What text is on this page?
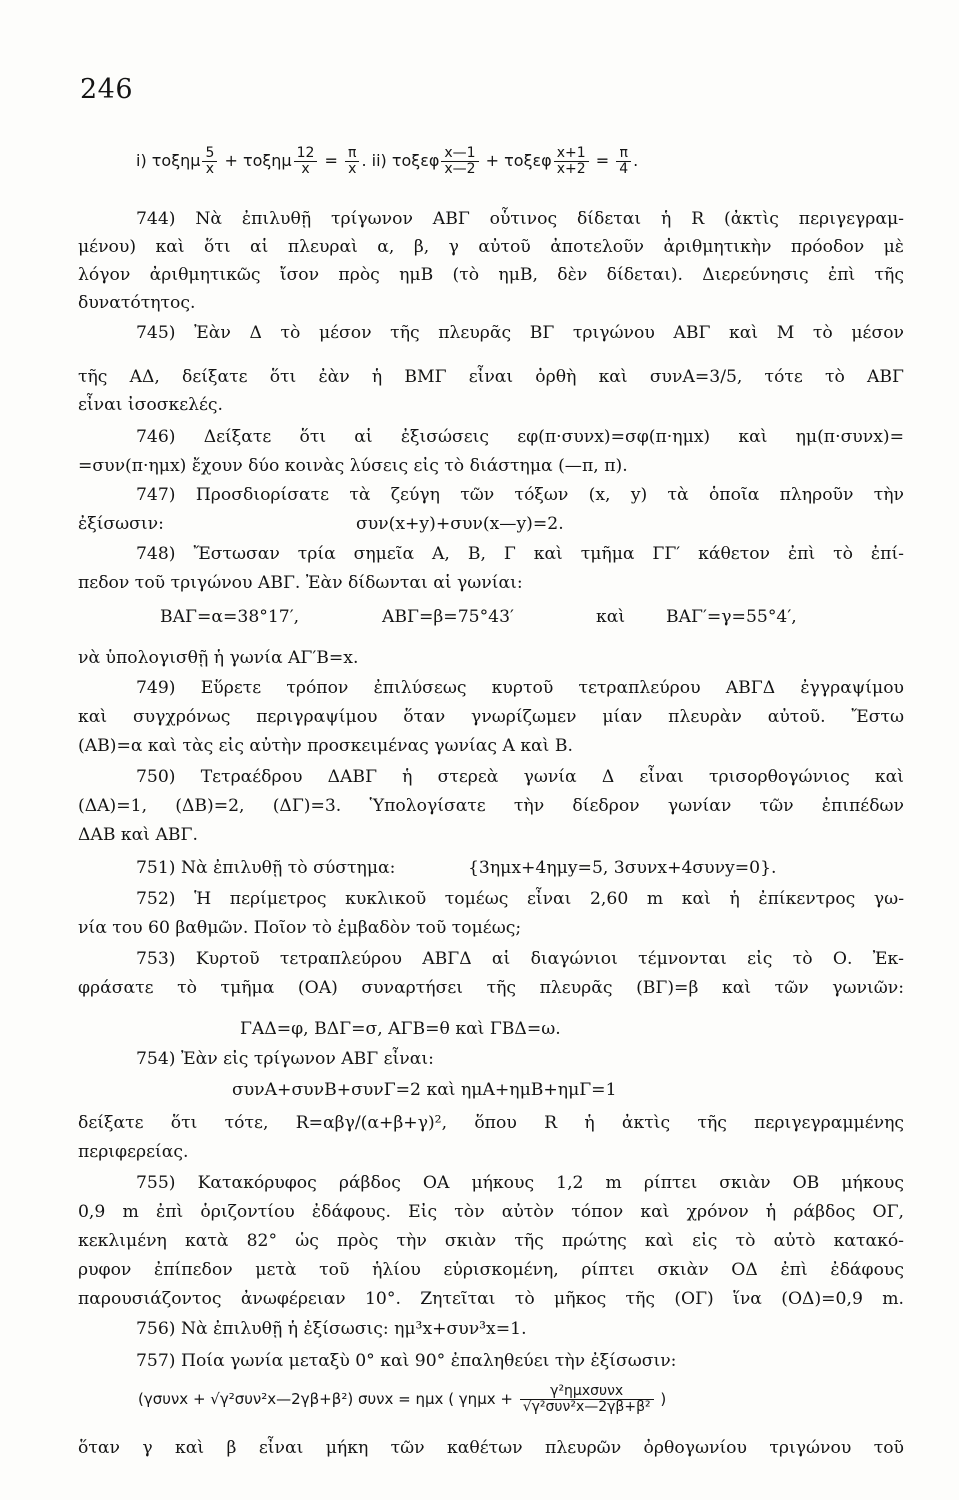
246
i) τοξημ $\frac{5}{x} + \tau o\xi\eta\mu \frac{12}{x} = \frac{\pi}{x}$ . ii) τοξεφ $\frac{x—1}{x—2} + \tau o\xi\varepsilon\varphi \frac{x+1}{x+2} = \frac{\pi}{4}$ .
744) Νὰ ἐπιλυθῇ τρίγωνον ΑΒΓ οὗτινος δίδεται ἡ R (ἀκτὶς περιγεγραμ-
μένου) καὶ ὅτι αἱ πλευραὶ α, β, γ αὐτοῦ ἀποτελοῦν ἀριθμητικὴν πρόοδον μὲ
λόγον ἀριθμητικῶς ἴσον πρὸς ημΒ (τὸ ημΒ, δὲν δίδεται). Διερεύνησις ἐπὶ τῆς
δυνατότητος.
745) Ἐὰν Δ τὸ μέσον τῆς πλευρᾶς ΒΓ τριγώνου ΑΒΓ καὶ Μ τὸ μέσον
τῆς ΑΔ, δείξατε ὅτι ἐὰν ἡ ΒΜΓ εἶναι ὀρθὴ καὶ συνΑ=3/5, τότε τὸ ΑΒΓ
εἶναι ἰσοσκελές.
746) Δείξατε ὅτι αἱ ἐξισώσεις εφ(π·συνx)=σφ(π·ημx) καὶ ημ(π·συνx)=
=συν(π·ημx) ἔχουν δύο κοινὰς λύσεις εἰς τὸ διάστημα (—π, π).
747) Προσδιορίσατε τὰ ζεύγη τῶν τόξων (x, y) τὰ ὁποῖα πληροῦν τὴν
ἐξίσωσιν:	συν(x+y)+συν(x—y)=2.
748) Ἔστωσαν τρία σημεῖα Α, Β, Γ καὶ τμῆμα ΓΓ′ κάθετον ἐπὶ τὸ ἐπί-
πεδον τοῦ τριγώνου ΑΒΓ. Ἐὰν δίδωνται αἱ γωνίαι:
ΒΑΓ=α=38°17′,	ΑΒΓ=β=75°43′	καὶ	ΒΑΓ′=γ=55°4′,
νὰ ὑπολογισθῇ ἡ γωνία ΑΓ′Β=x.
749) Εὕρετε τρόπον ἐπιλύσεως κυρτοῦ τετραπλεύρου ΑΒΓΔ ἐγγραψίμου
καὶ συγχρόνως περιγραψίμου ὅταν γνωρίζωμεν μίαν πλευρὰν αὐτοῦ. Ἔστω
(ΑΒ)=α καὶ τὰς εἰς αὐτὴν προσκειμένας γωνίας Α καὶ Β.
750) Τετραέδρου ΔΑΒΓ ἡ στερεὰ γωνία Δ εἶναι τρισορθογώνιος καὶ
(ΔΑ)=1, (ΔΒ)=2, (ΔΓ)=3. Ὑπολογίσατε τὴν δίεδρον γωνίαν τῶν ἐπιπέδων
ΔΑΒ καὶ ΑΒΓ.
751) Νὰ ἐπιλυθῇ τὸ σύστημα:	{3ημx+4ημy=5, 3συνx+4συνy=0}.
752) Ἡ περίμετρος κυκλικοῦ τομέως εἶναι 2,60 m καὶ ἡ ἐπίκεντρος γω-
νία του 60 βαθμῶν. Ποῖον τὸ ἐμβαδὸν τοῦ τομέως;
753) Κυρτοῦ τετραπλεύρου ΑΒΓΔ αἱ διαγώνιοι τέμνονται εἰς τὸ Ο. Ἐκ-
φράσατε τὸ τμῆμα (ΟΑ) συναρτήσει τῆς πλευρᾶς (ΒΓ)=β καὶ τῶν γωνιῶν:
ΓΑΔ=φ, ΒΔΓ=σ, ΑΓΒ=θ καὶ ΓΒΔ=ω.
754) Ἐὰν εἰς τρίγωνον ΑΒΓ εἶναι:
συνΑ+συνΒ+συνΓ=2 καὶ ημΑ+ημΒ+ημΓ=1
δείξατε ὅτι τότε, R=αβγ/(α+β+γ)², ὅπου R ἡ ἀκτὶς τῆς περιγεγραμμένης
περιφερείας.
755) Κατακόρυφος ράβδος ΟΑ μήκους 1,2 m ρίπτει σκιὰν ΟΒ μήκους
0,9 m ἐπὶ ὁριζοντίου ἐδάφους. Εἰς τὸν αὐτὸν τόπον καὶ χρόνον ἡ ράβδος ΟΓ,
κεκλιμένη κατὰ 82° ὡς πρὸς τὴν σκιὰν τῆς πρώτης καὶ εἰς τὸ αὐτὸ κατακό-
ρυφον ἐπίπεδον μετὰ τοῦ ἡλίου εὑρισκομένη, ρίπτει σκιὰν ΟΔ ἐπὶ ἐδάφους
παρουσιάζοντος ἀνωφέρειαν 10°. Ζητεῖται τὸ μῆκος τῆς (ΟΓ) ἵνα (ΟΔ)=0,9 m.
756) Νὰ ἐπιλυθῇ ἡ ἐξίσωσις: ημ³x+συν³x=1.
757) Ποία γωνία μεταξὺ 0° καὶ 90° ἐπαληθεύει τὴν ἐξίσωσιν:
(γσυνx + √γ²συν²x—2γβ+β²) συνx = ημx ( γημx +	γ²ημxσυνx
√γ²συν²x—2γβ+β² )
ὅταν γ καὶ β εἶναι μήκη τῶν καθέτων πλευρῶν ὀρθογωνίου τριγώνου τοῦ
